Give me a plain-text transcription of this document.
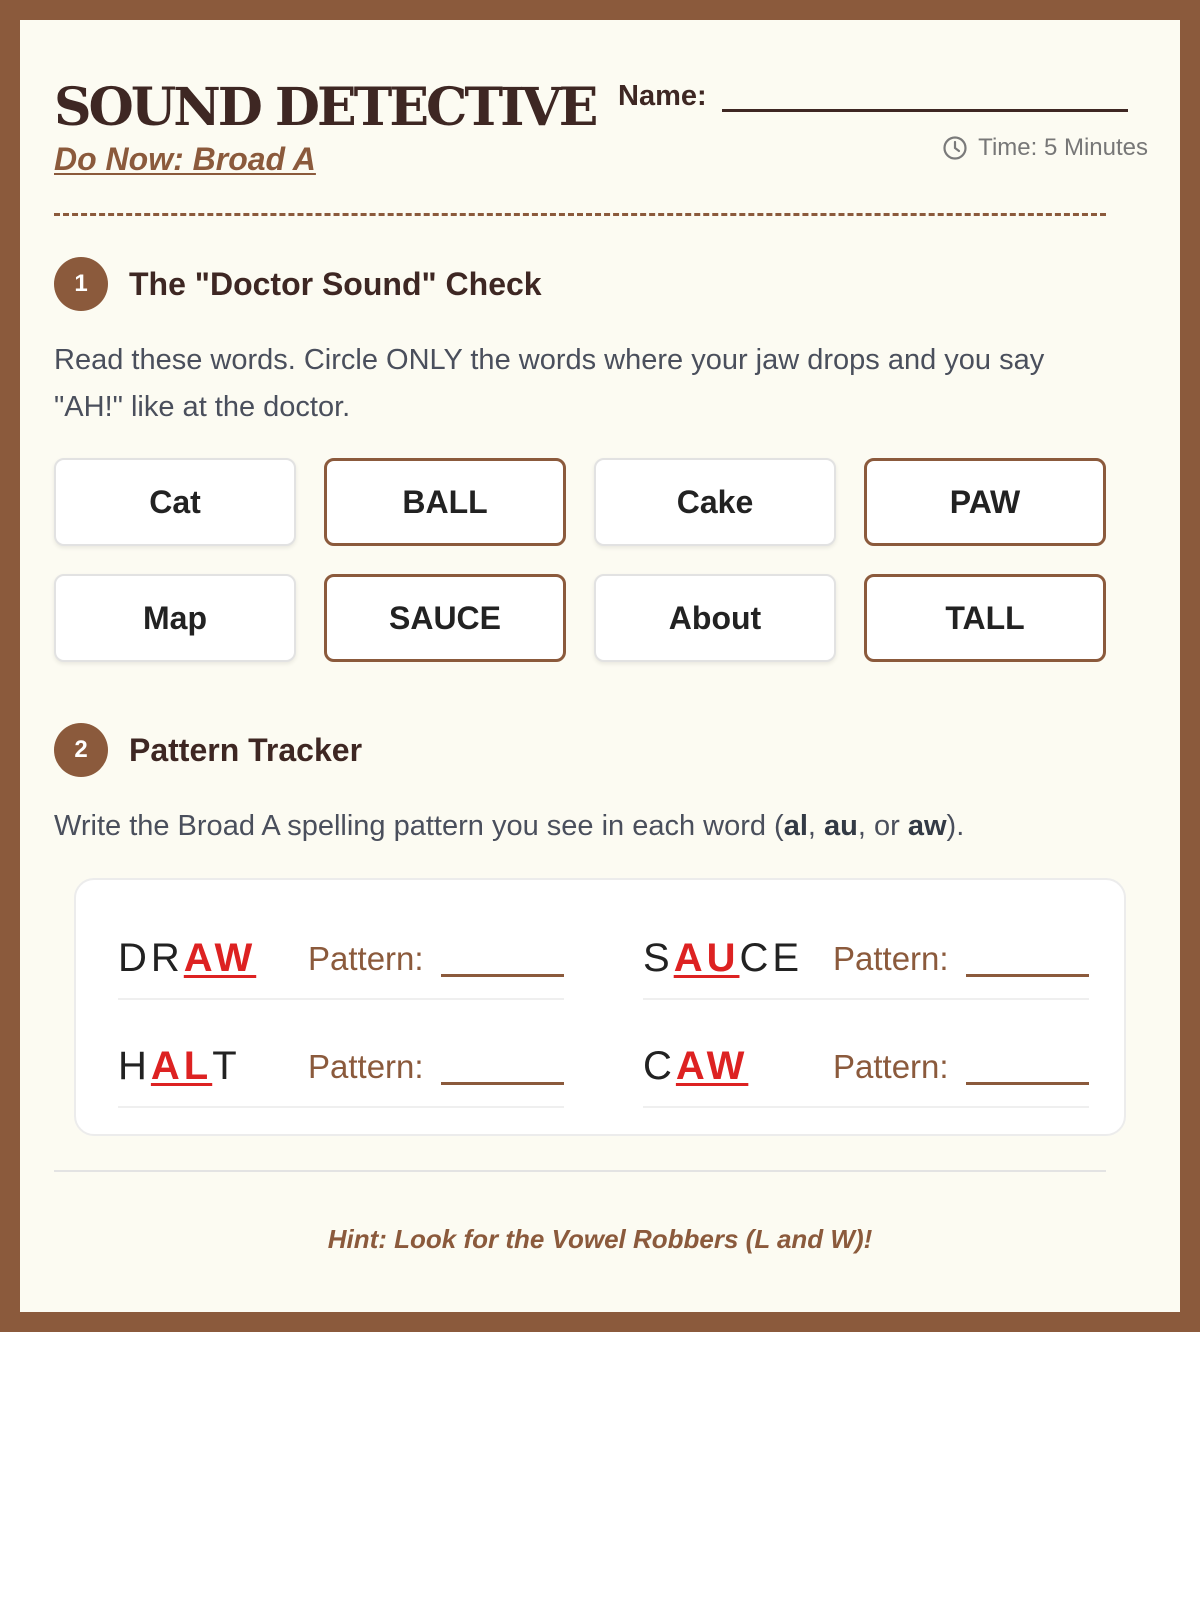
SOUND DETECTIVE
Do Now: Broad A
Name:
Time: 5 Minutes
1	The "Doctor Sound" Check
Read these words. Circle ONLY the words where your jaw drops and you say "AH!" like at the doctor.
Cat	BALL	Cake	PAW
Map	SAUCE	About	TALL
2	Pattern Tracker
Write the Broad A spelling pattern you see in each word (al, au, or aw).
DRAW Pattern:	SAUCE Pattern:
HALT Pattern:	CAW	Pattern:
Hint: Look for the Vowel Robbers (L and W)!
